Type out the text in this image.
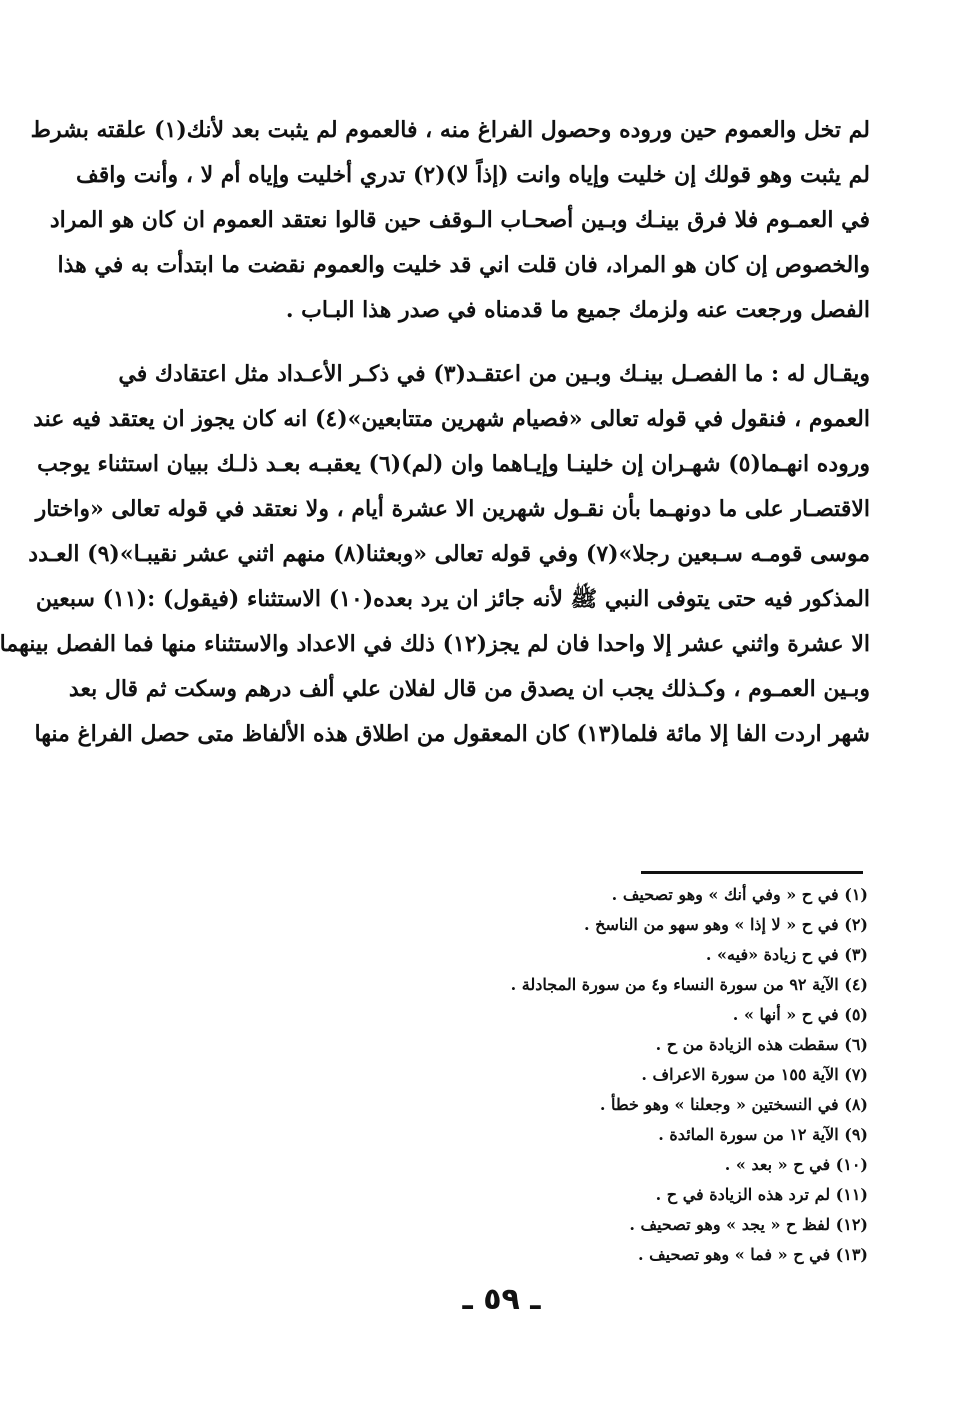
لم تخل والعموم حين وروده وحصول الفراغ منه ، فالعموم لم يثبت بعد لأنك(١) علقته بشرط
لم يثبت وهو قولك إن خليت وإياه وانت (إذاً لا)(٢) تدري أخليت وإياه أم لا ، وأنت واقف
في العمـوم فلا فرق بينـك وبـين أصحـاب الـوقف حين قالوا نعتقد العموم ان كان هو المراد
والخصوص إن كان هو المراد، فان قلت اني قد خليت والعموم نقضت ما ابتدأت به في هذا
الفصل ورجعت عنه ولزمك جميع ما قدمناه في صدر هذا البـاب .
ويقـال له : ما الفصـل بينـك وبـين من اعتقـد(٣) في ذكـر الأعـداد مثل اعتقادك في
العموم ، فنقول في قوله تعالى «فصيام شهرين متتابعين»(٤) انه كان يجوز ان يعتقد فيه عند
وروده انهـما(٥) شهـران إن خلينـا وإيـاهما وان (لم)(٦) يعقبـه بعـد ذلـك ببيان استثناء يوجب
الاقتصـار على ما دونهـما بأن نقـول شهرين الا عشرة أيام ، ولا نعتقد في قوله تعالى «واختار
موسى قومـه سـبعين رجلا»(٧) وفي قوله تعالى «وبعثنا(٨) منهم اثني عشر نقيبـا»(٩) العـدد
المذكور فيه حتى يتوفى النبي ﷺ لأنه جائز ان يرد بعده(١٠) الاستثناء (فيقول) :(١١) سبعين
الا عشرة واثني عشر إلا واحدا فان لم يجز(١٢) ذلك في الاعداد والاستثناء منها فما الفصل بينهما
وبـين العمـوم ، وكـذلك يجب ان يصدق من قال لفلان علي ألف درهم وسكت ثم قال بعد
شهر اردت الفا إلا مائة فلما(١٣) كان المعقول من اطلاق هذه الألفاظ متى حصل الفراغ منها
(١) في ح « وفي أنك » وهو تصحيف .
(٢) في ح « لا إذا » وهو سهو من الناسخ .
(٣) في ح زيادة «فيه» .
(٤) الآية ٩٢ من سورة النساء و٤ من سورة المجادلة .
(٥) في ح « أنها » .
(٦) سقطت هذه الزيادة من ح .
(٧) الآية ١٥٥ من سورة الاعراف .
(٨) في النسختين « وجعلنا » وهو خطأ .
(٩) الآية ١٢ من سورة المائدة .
(١٠) في ح « بعد » .
(١١) لم ترد هذه الزيادة في ح .
(١٢) لفظ ح « يجد » وهو تصحيف .
(١٣) في ح « فما » وهو تصحيف .
ـ ٥٩ ـ
